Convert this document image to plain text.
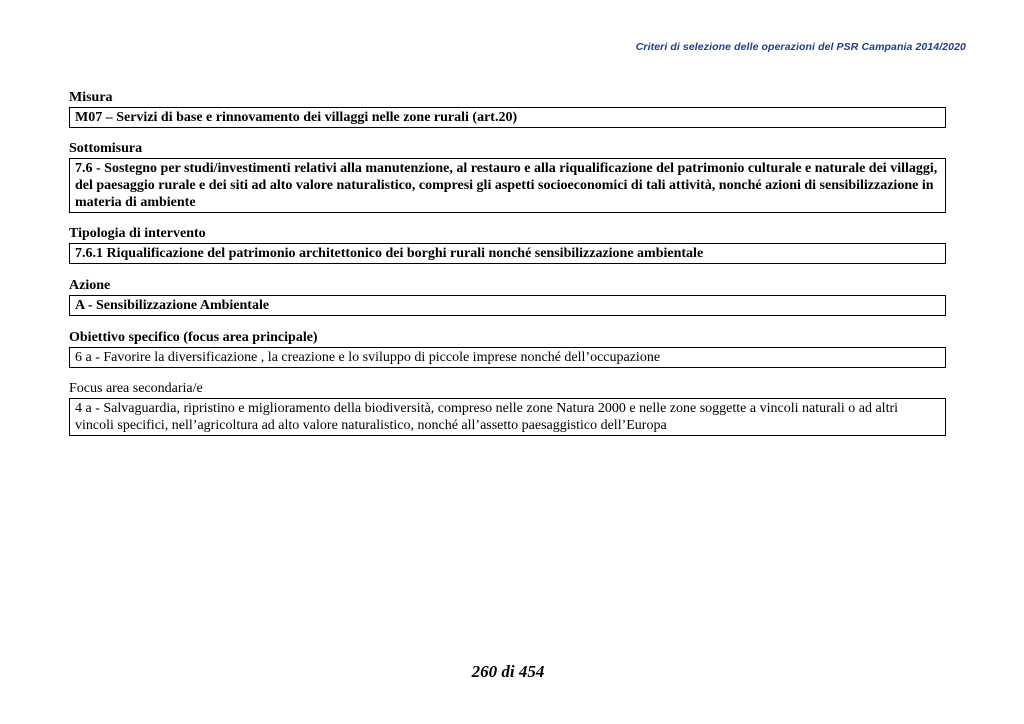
Criteri di selezione delle operazioni del PSR Campania 2014/2020
Misura
M07 – Servizi di base e rinnovamento dei villaggi nelle zone rurali (art.20)
Sottomisura
7.6 - Sostegno per studi/investimenti relativi alla manutenzione, al restauro e alla riqualificazione del patrimonio culturale e naturale dei villaggi, del paesaggio rurale e dei siti ad alto valore naturalistico, compresi gli aspetti socioeconomici di tali attività, nonché azioni di sensibilizzazione in materia di ambiente
Tipologia di intervento
7.6.1 Riqualificazione del patrimonio architettonico dei borghi rurali nonché sensibilizzazione ambientale
Azione
A - Sensibilizzazione Ambientale
Obiettivo specifico (focus area principale)
6 a - Favorire la diversificazione , la creazione e lo sviluppo di piccole imprese nonché dell’occupazione
Focus area secondaria/e
4 a - Salvaguardia, ripristino e miglioramento della biodiversità, compreso nelle zone Natura 2000 e nelle zone soggette a vincoli naturali o ad altri vincoli specifici, nell’agricoltura ad alto valore naturalistico, nonché all’assetto paesaggistico dell’Europa
260 di 454
